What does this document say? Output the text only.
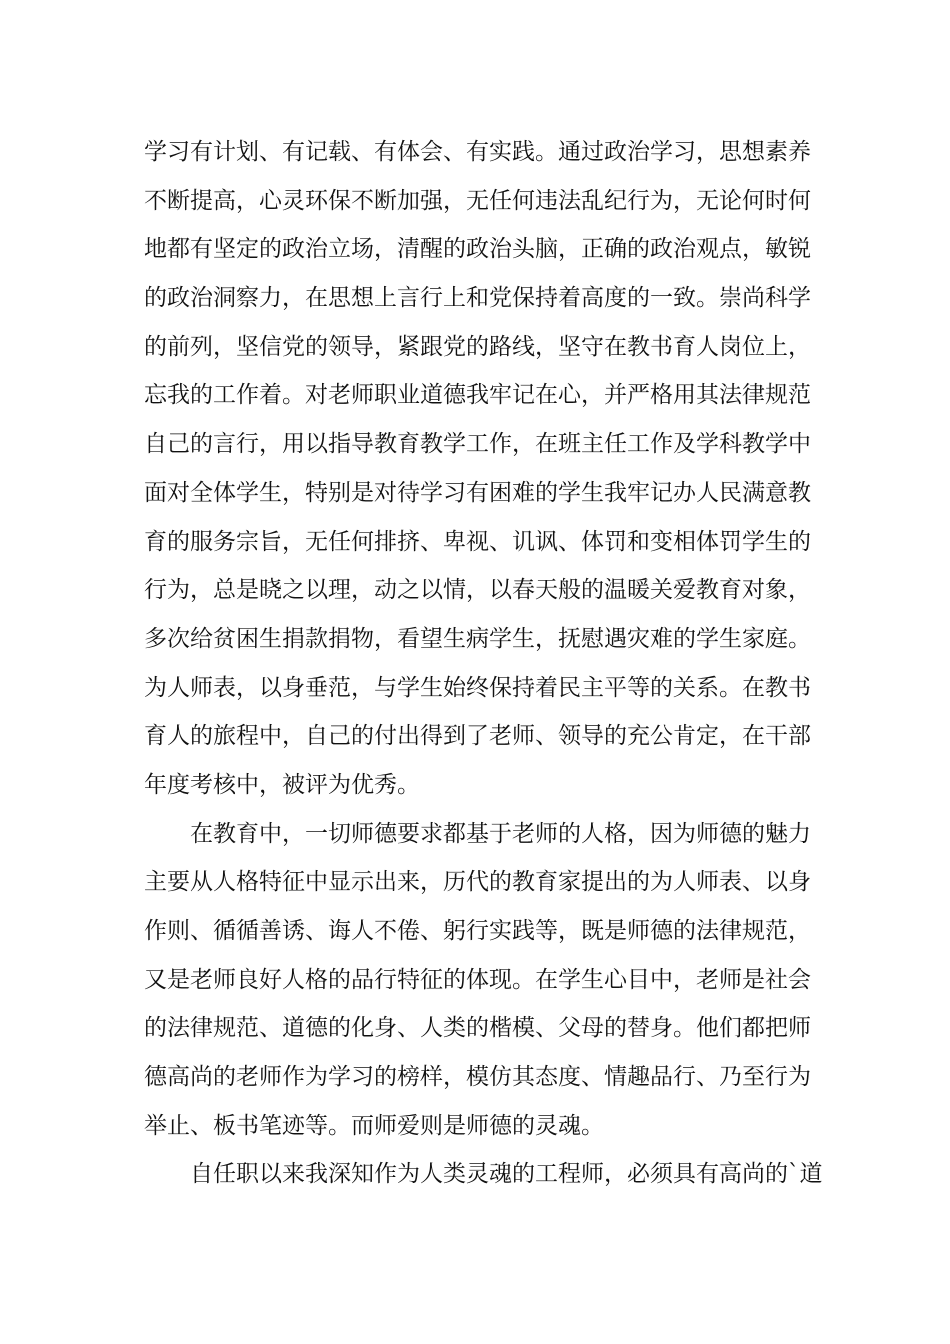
学习有计划、有记载、有体会、有实践。通过政治学习，思想素养
不断提高，心灵环保不断加强，无任何违法乱纪行为，无论何时何
地都有坚定的政治立场，清醒的政治头脑，正确的政治观点，敏锐
的政治洞察力，在思想上言行上和党保持着高度的一致。崇尚科学
的前列，坚信党的领导，紧跟党的路线，坚守在教书育人岗位上，
忘我的工作着。对老师职业道德我牢记在心，并严格用其法律规范
自己的言行，用以指导教育教学工作，在班主任工作及学科教学中
面对全体学生，特别是对待学习有困难的学生我牢记办人民满意教
育的服务宗旨，无任何排挤、卑视、讥讽、体罚和变相体罚学生的
行为，总是晓之以理，动之以情，以春天般的温暖关爱教育对象，
多次给贫困生捐款捐物，看望生病学生，抚慰遇灾难的学生家庭。
为人师表，以身垂范，与学生始终保持着民主平等的关系。在教书
育人的旅程中，自己的付出得到了老师、领导的充公肯定，在干部
年度考核中，被评为优秀。
在教育中，一切师德要求都基于老师的人格，因为师德的魅力
主要从人格特征中显示出来，历代的教育家提出的为人师表、以身
作则、循循善诱、诲人不倦、躬行实践等，既是师德的法律规范，
又是老师良好人格的品行特征的体现。在学生心目中，老师是社会
的法律规范、道德的化身、人类的楷模、父母的替身。他们都把师
德高尚的老师作为学习的榜样，模仿其态度、情趣品行、乃至行为
举止、板书笔迹等。而师爱则是师德的灵魂。
自任职以来我深知作为人类灵魂的工程师，必须具有高尚的`道
